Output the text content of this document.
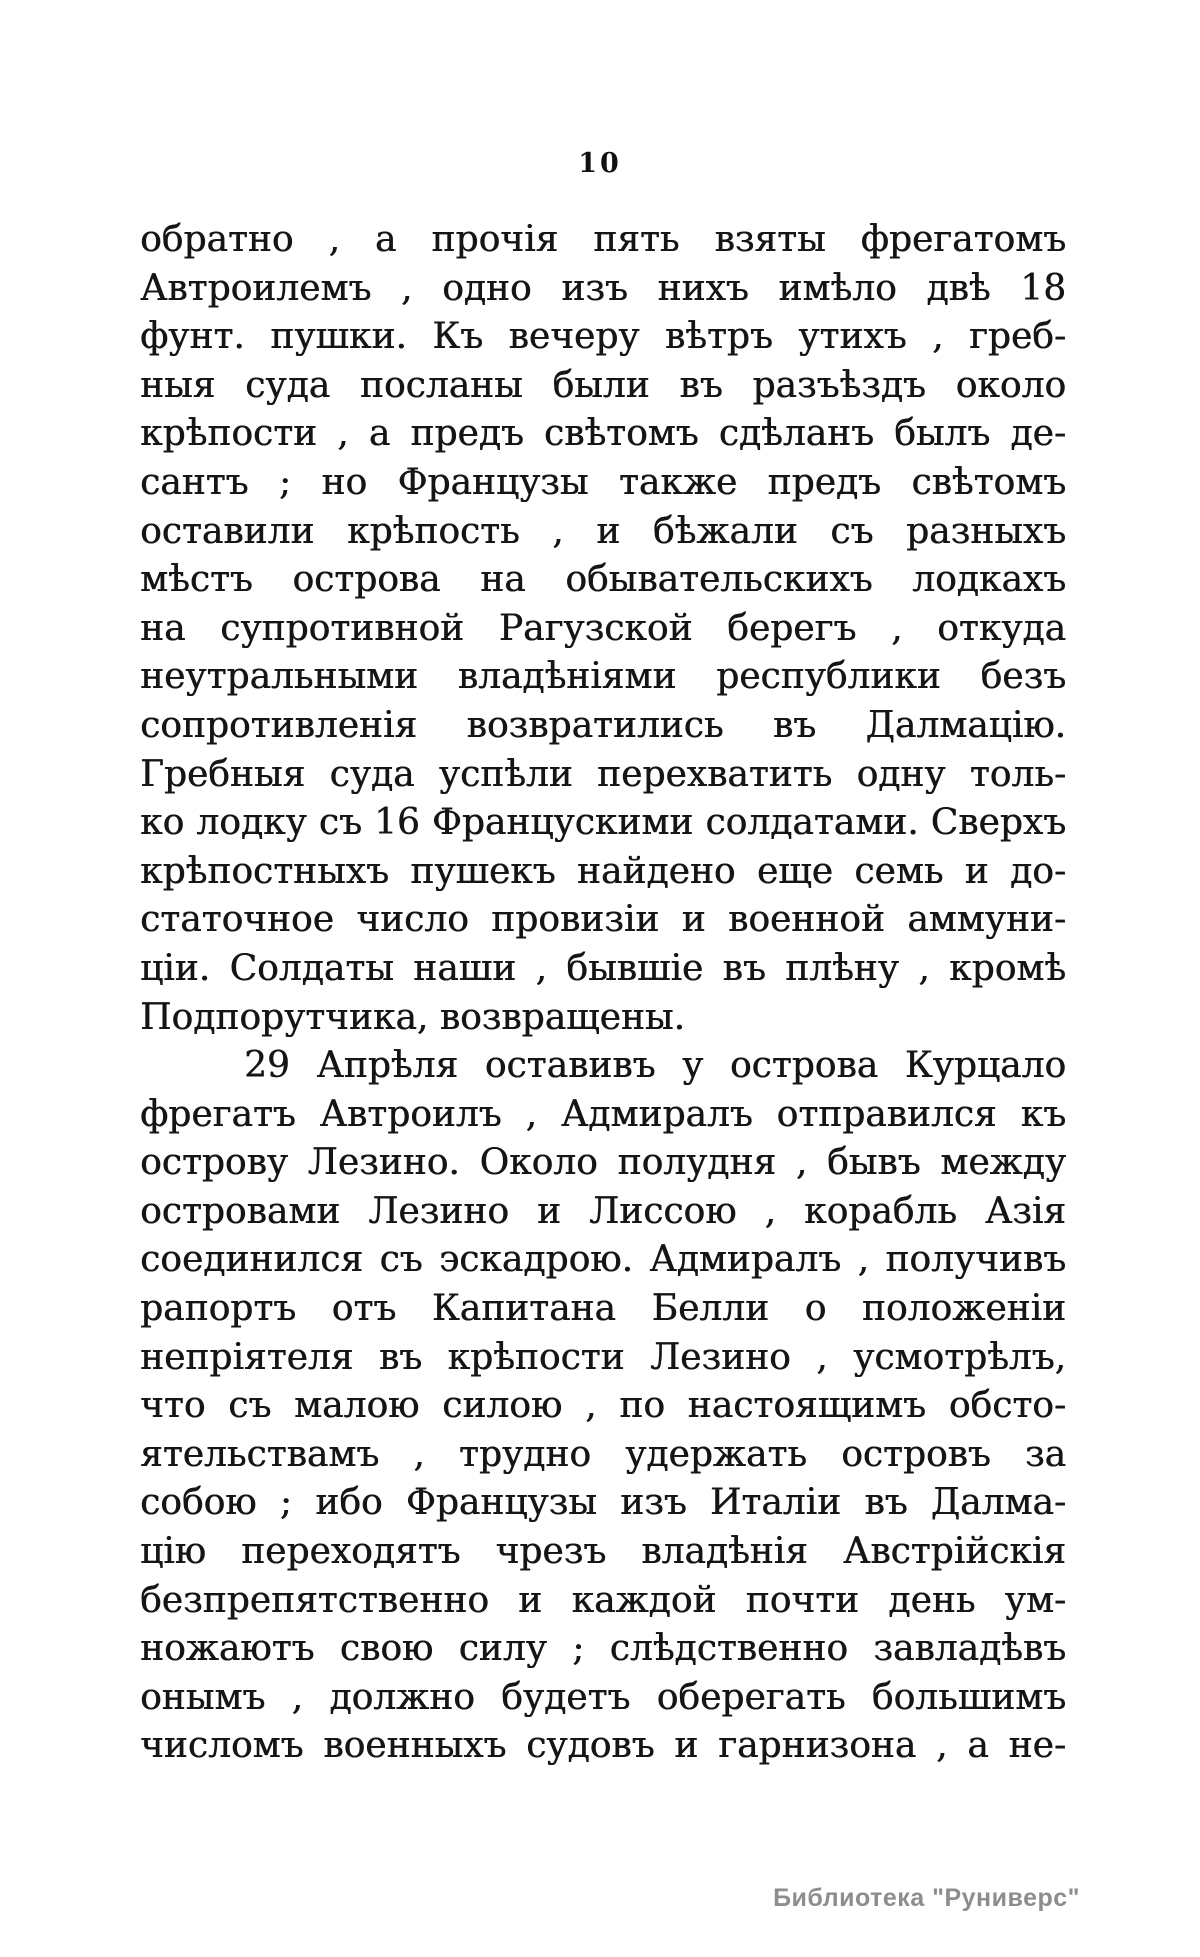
10
обратно , а прочія пять взяты фрегатомъ
Автроилемъ , одно изъ нихъ имѣло двѣ 18
фунт. пушки. Къ вечеру вѣтръ утихъ , греб-
ныя суда посланы были въ разъѣздъ около
крѣпости , а предъ свѣтомъ сдѣланъ былъ де-
сантъ ; но Французы также предъ свѣтомъ
оставили крѣпость , и бѣжали съ разныхъ
мѣстъ острова на обывательскихъ лодкахъ
на супротивной Рагузской берегъ , откуда
неутральными владѣніями республики безъ
сопротивленія возвратились въ Далмацію.
Гребныя суда успѣли перехватить одну толь-
ко лодку съ 16 Францускими солдатами. Сверхъ
крѣпостныхъ пушекъ найдено еще семь и до-
статочное число провизіи и военной аммуни-
ціи. Солдаты наши , бывшіе въ плѣну , кромѣ
Подпорутчика, возвращены.
29 Апрѣля оставивъ у острова Курцало
фрегатъ Автроилъ , Адмиралъ отправился къ
острову Лезино. Около полудня , бывъ между
островами Лезино и Лиссою , корабль Азія
соединился съ эскадрою. Адмиралъ , получивъ
рапортъ отъ Капитана Белли о положеніи
непріятеля въ крѣпости Лезино , усмотрѣлъ,
что съ малою силою , по настоящимъ обсто-
ятельствамъ , трудно удержать островъ за
собою ; ибо Французы изъ Италіи въ Далма-
цію переходятъ чрезъ владѣнія Австрійскія
безпрепятственно и каждой почти день ум-
ножаютъ свою силу ; слѣдственно завладѣвъ
онымъ , должно будетъ оберегать большимъ
числомъ военныхъ судовъ и гарнизона , а не-
Библиотека "Руниверс"
